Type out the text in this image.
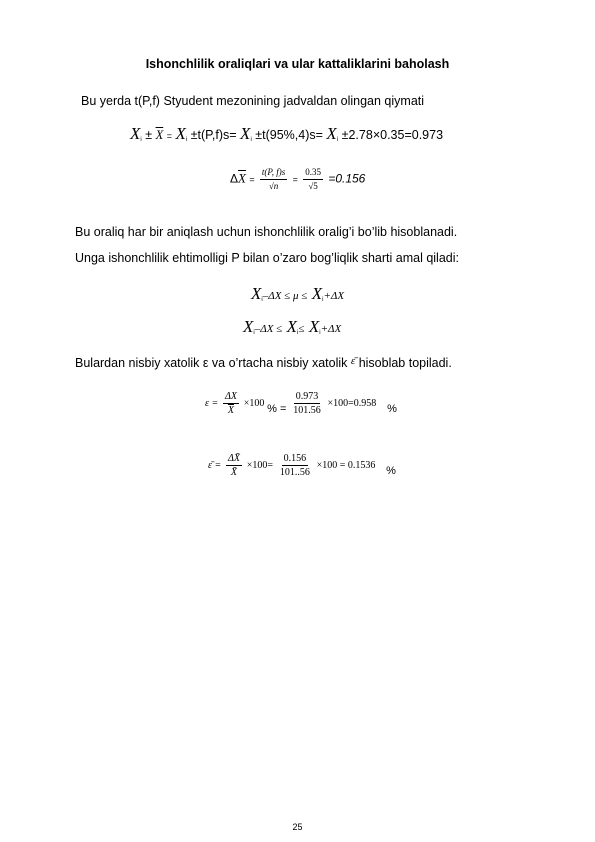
Ishonchlilik oraliqlari va ular kattaliklarini baholash
Bu yerda t(P,f) Styudent mezonining jadvaldan olingan qiymati
$X_i \pm \overline{X} = X_i \pm t(P,f)s= X_i \pm t(95\%,4)s= X_i \pm 2.78\times 0.35=0.973$
$\Delta\overline{X} = \frac{t(P, f)s}{√n} = \frac{0.35}{√5} =0.156$
Bu oraliq har bir aniqlash uchun ishonchlilik oralig’i bo’lib hisoblanadi.
Unga ishonchlilik ehtimolligi P bilan o’zaro bog’liqlik sharti amal qiladi:
$X_i-\Delta X \le \mu \le X_i+\Delta X$
$X_i-\Delta X \le X_i\le X_i+\Delta X$
Bulardan nisbiy xatolik ε va o’rtacha nisbiy xatolik ε̄ hisoblab topiladi.
$\varepsilon = \frac{\Delta X}{X} \times 100$ % = $\frac{0.973}{101.56} \times 100=0.958$ %
ε̄ = $\frac{\Delta X̄}{X̄} \times 100= \frac{0.156}{101..56} \times 100 = 0.1536$ %
25
